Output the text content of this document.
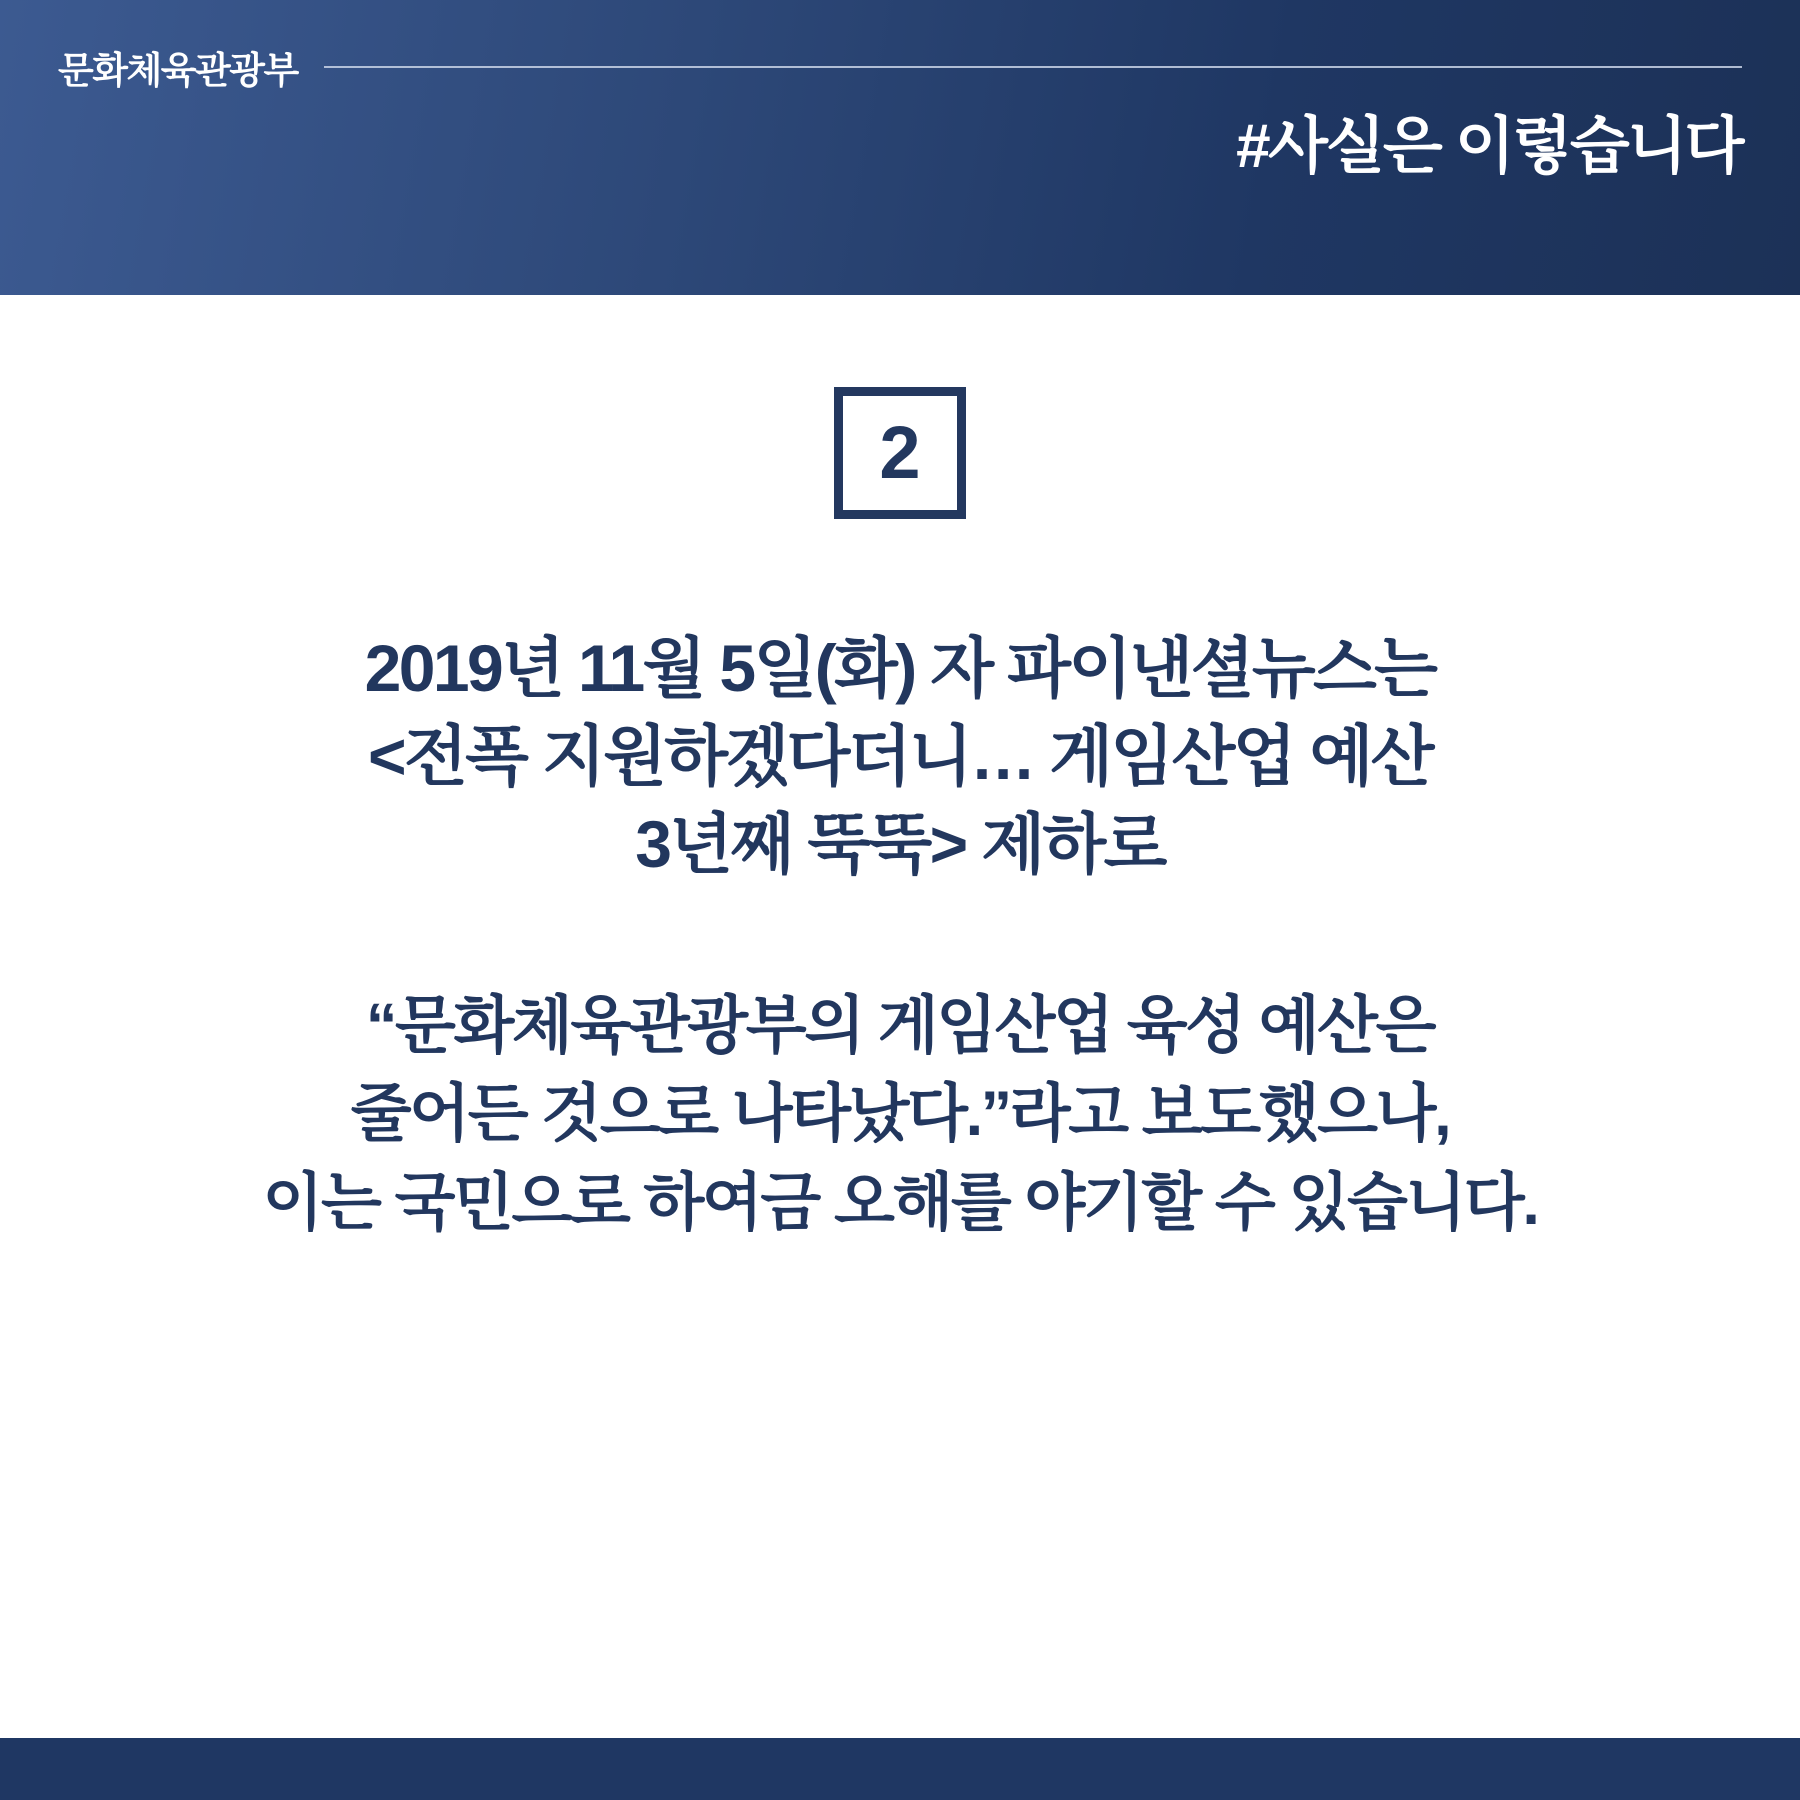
문화체육관광부
#사실은 이렇습니다
2
2019년 11월 5일(화) 자 파이낸셜뉴스는
<전폭 지원하겠다더니… 게임산업 예산
3년째 뚝뚝> 제하로
“문화체육관광부의 게임산업 육성 예산은
줄어든 것으로 나타났다.”라고 보도했으나,
이는 국민으로 하여금 오해를 야기할 수 있습니다.
